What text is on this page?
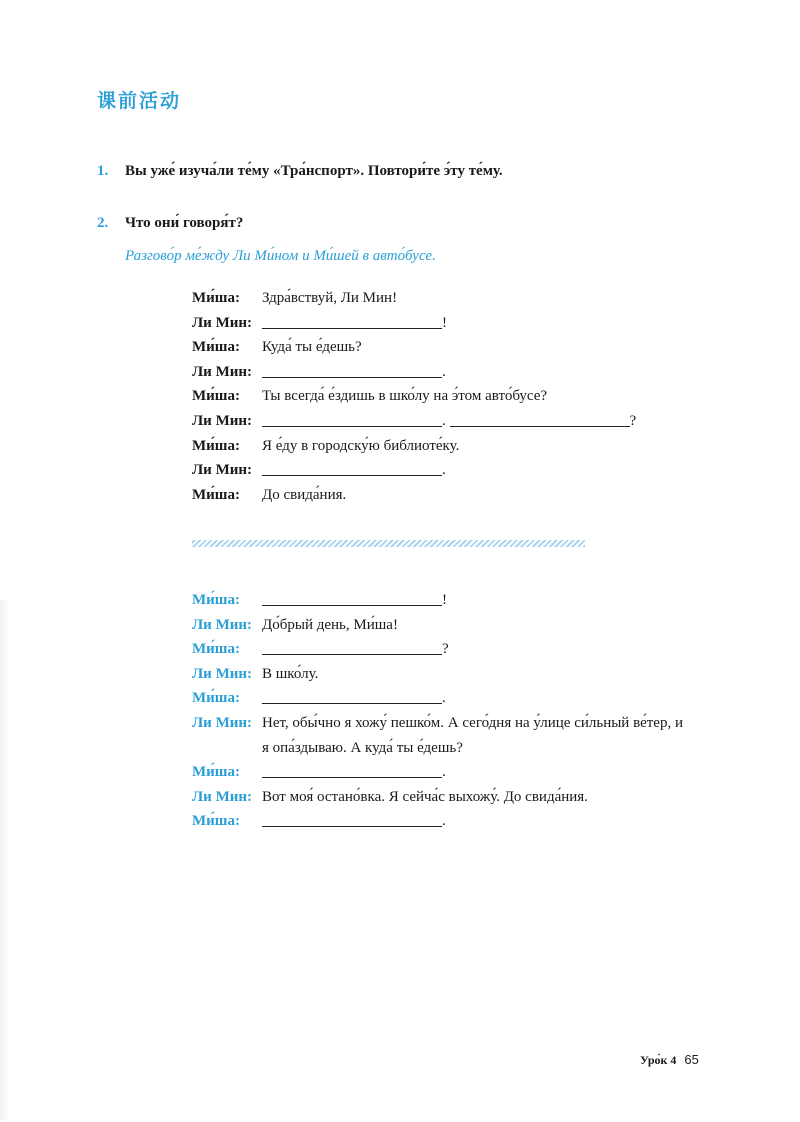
课前活动
1. Вы уже́ изуча́ли те́му «Тра́нспорт». Повтори́те э́ту те́му.
2. Что они́ говоря́т?
Разгово́р ме́жду Ли Ми́ном и Ми́шей в авто́бусе.
Ми́ша:	Здра́вствуй, Ли Мин!
Ли Мин:	!
Ми́ша:	Куда́ ты е́дешь?
Ли Мин:	.
Ми́ша:	Ты всегда́ е́здишь в шко́лу на э́том авто́бусе?
Ли Мин:	.	?
Ми́ша:	Я е́ду в городску́ю библиоте́ку.
Ли Мин:	.
Ми́ша:	До свида́ния.
Ми́ша:	!
Ли Мин: До́брый день, Ми́ша!
Ми́ша:	?
Ли Мин: В шко́лу.
Ми́ша:	.
Ли Мин: Нет, обы́чно я хожу́ пешко́м. А сего́дня на у́лице си́льный ве́тер, и
я опа́здываю. А куда́ ты е́дешь?
Ми́ша:	.
Ли Мин: Вот моя́ остано́вка. Я сейча́с выхожу́. До свида́ния.
Ми́ша:	.
Уро́к 4 65
